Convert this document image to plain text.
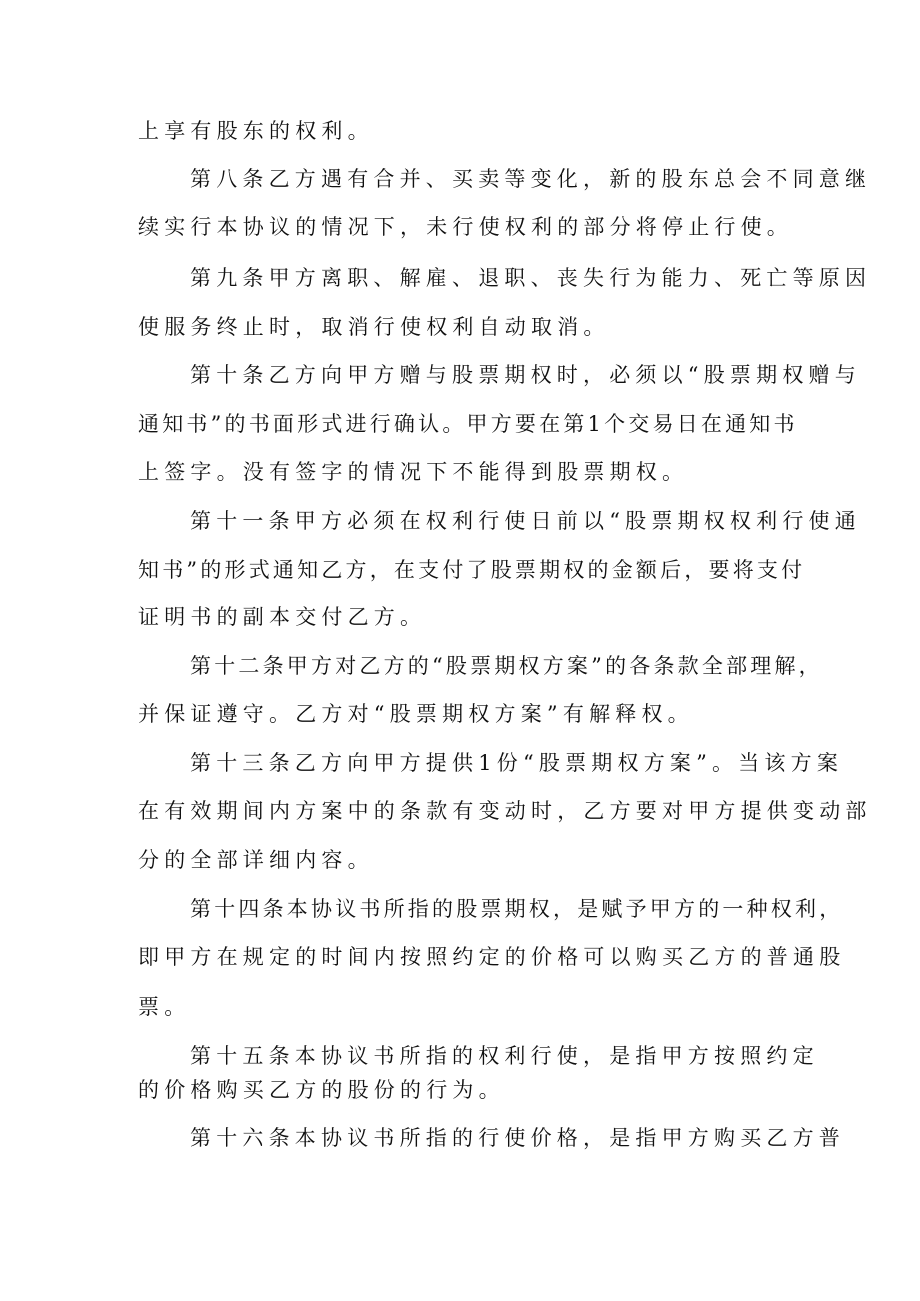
上享有股东的权利。
第八条乙方遇有合并、买卖等变化，新的股东总会不同意继
续实行本协议的情况下，未行使权利的部分将停止行使。
第九条甲方离职、解雇、退职、丧失行为能力、死亡等原因
使服务终止时，取消行使权利自动取消。
第十条乙方向甲方赠与股票期权时，必须以“股票期权赠与
通知书”的书面形式进行确认。甲方要在第1个交易日在通知书
上签字。没有签字的情况下不能得到股票期权。
第十一条甲方必须在权利行使日前以“股票期权权利行使通
知书”的形式通知乙方，在支付了股票期权的金额后，要将支付
证明书的副本交付乙方。
第十二条甲方对乙方的“股票期权方案”的各条款全部理解，
并保证遵守。乙方对“股票期权方案”有解释权。
第十三条乙方向甲方提供1份“股票期权方案”。当该方案
在有效期间内方案中的条款有变动时，乙方要对甲方提供变动部
分的全部详细内容。
第十四条本协议书所指的股票期权，是赋予甲方的一种权利，
即甲方在规定的时间内按照约定的价格可以购买乙方的普通股
票。
第十五条本协议书所指的权利行使，是指甲方按照约定
的价格购买乙方的股份的行为。
第十六条本协议书所指的行使价格，是指甲方购买乙方普
